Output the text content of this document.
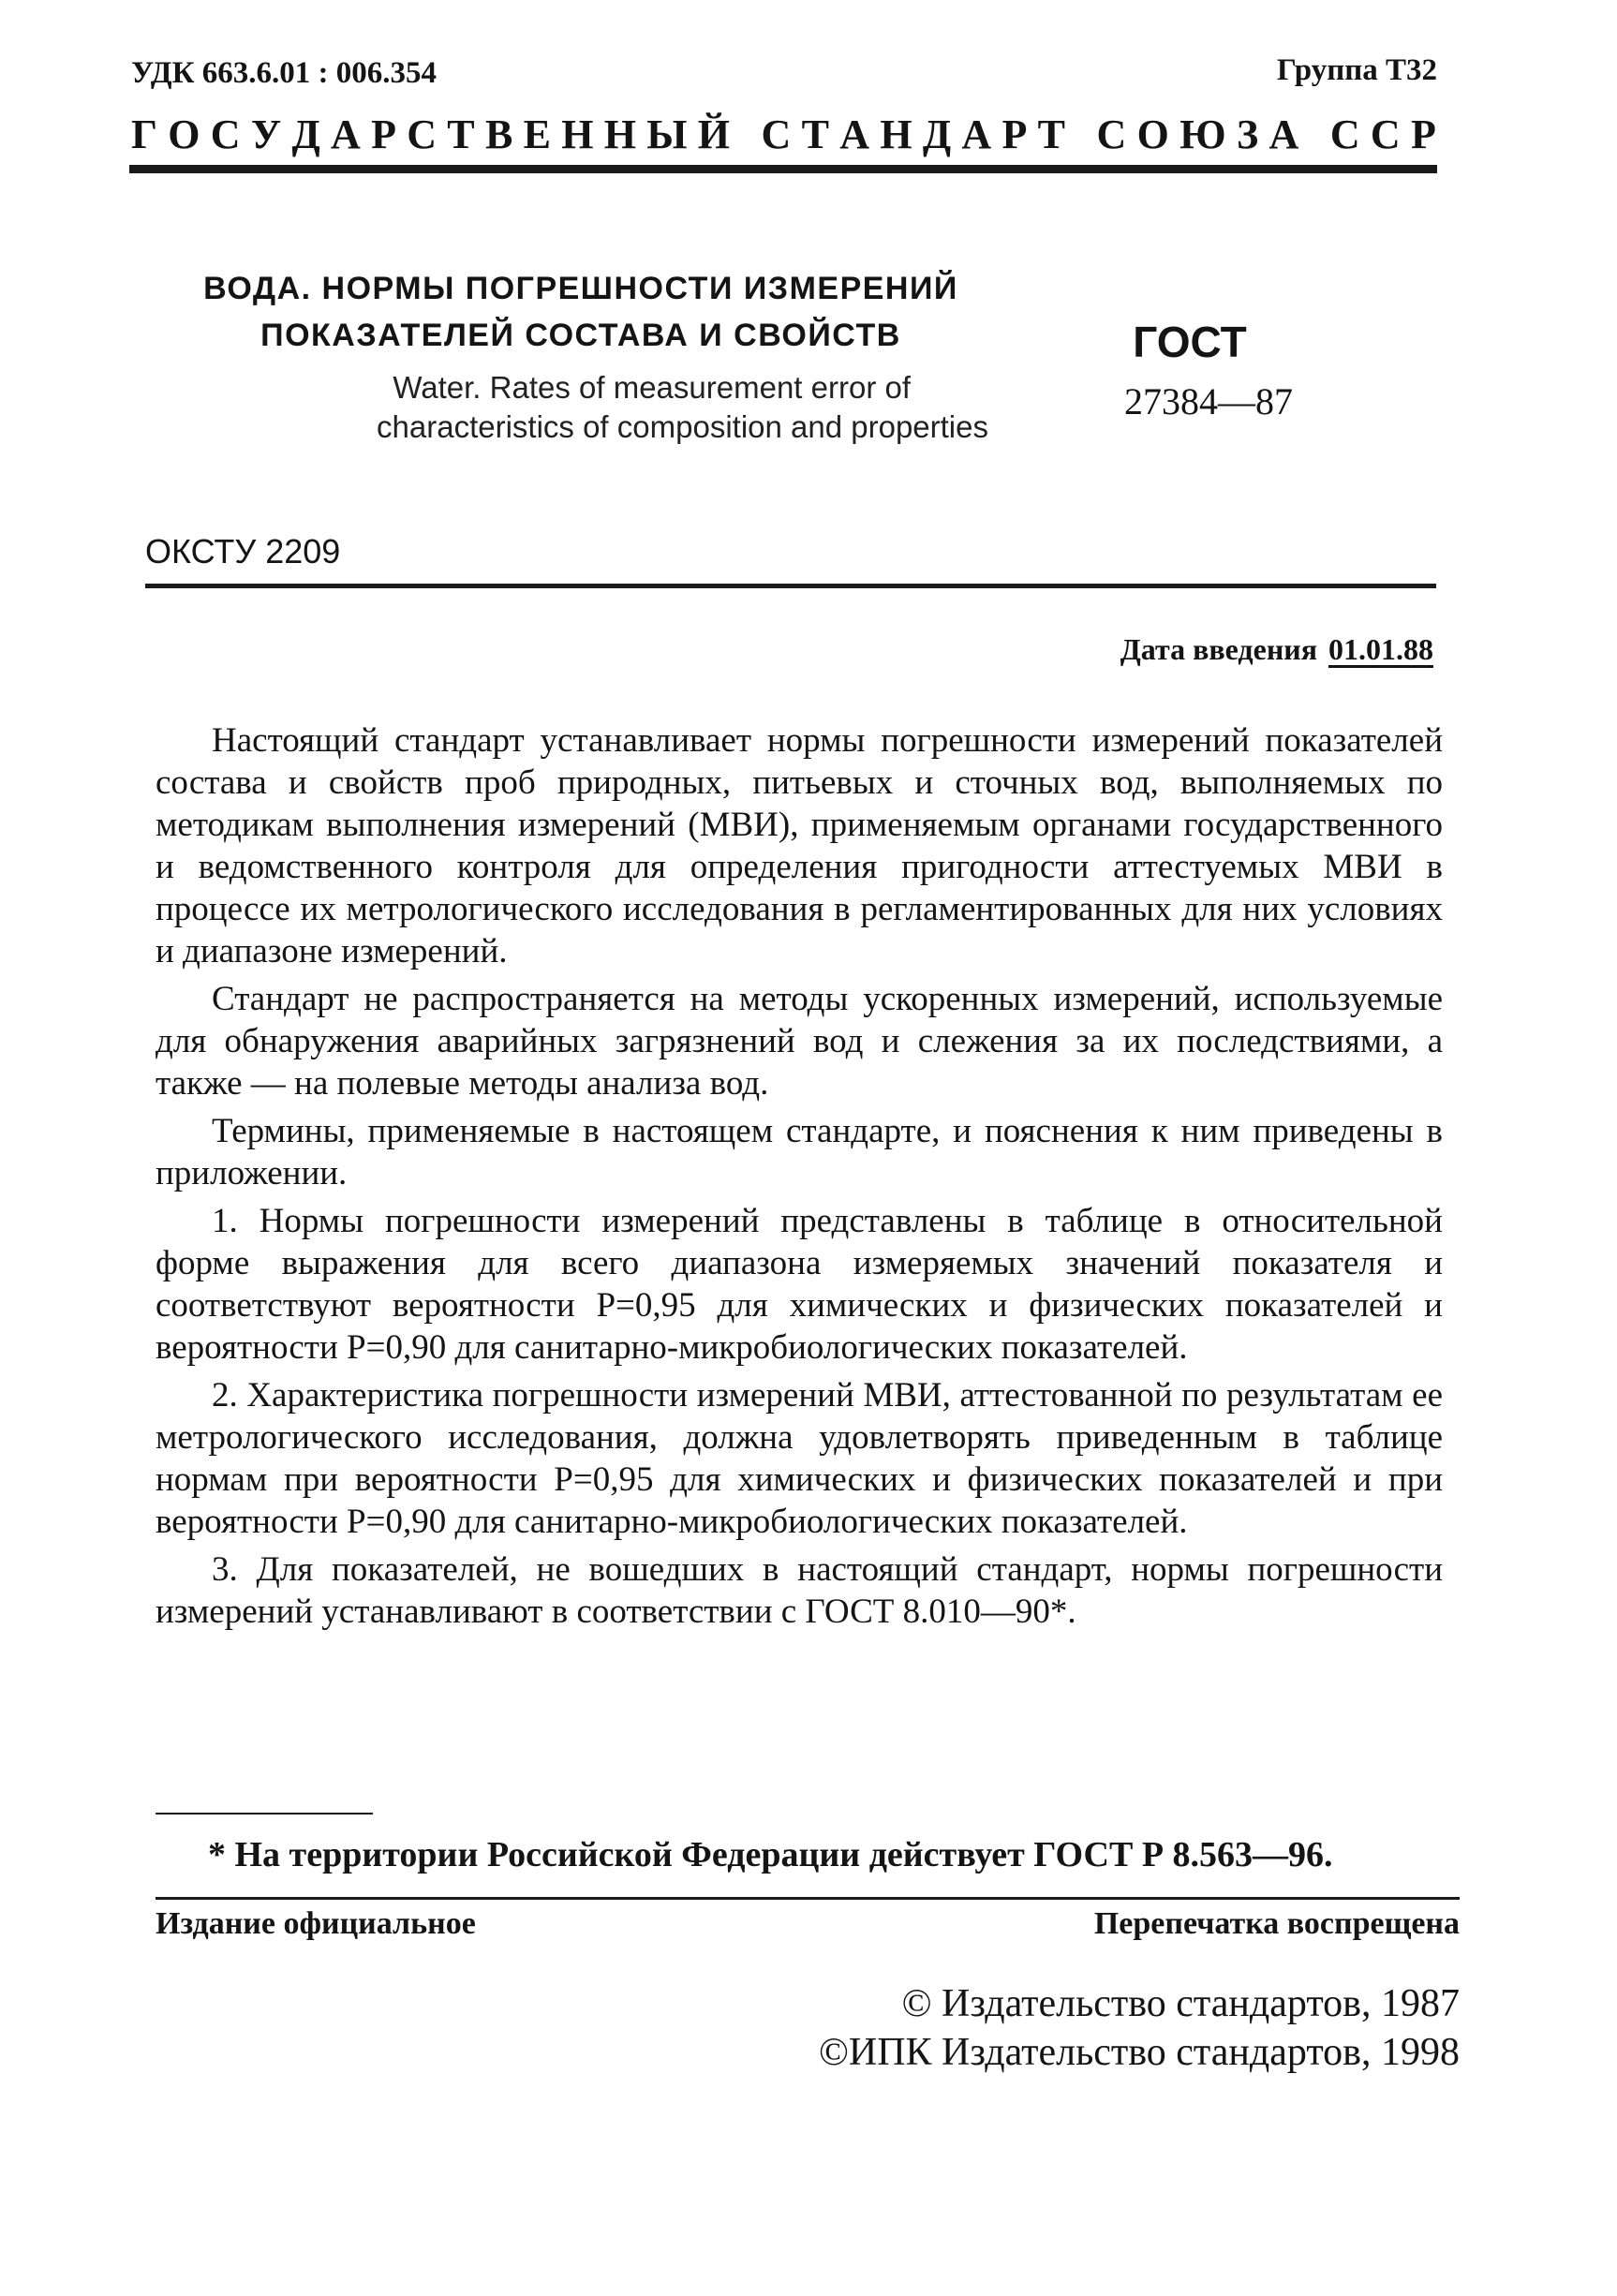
УДК 663.6.01 : 006.354	Группа Т32
Г О С У Д А Р С Т В Е Н Н Ы Й
С Т А Н Д А Р Т
С О Ю З А
С С Р
ВОДА. НОРМЫ ПОГРЕШНОСТИ ИЗМЕРЕНИЙ
ПОКАЗАТЕЛЕЙ СОСТАВА И СВОЙСТВ
Water. Rates of measurement error of
characteristics of composition and properties
ГОСТ
27384—87
ОКСТУ 2209
Дата введения 01.01.88

Настоящий стандарт устанавливает нормы погрешности измерений показателей состава и свойств проб природных, питьевых и сточных вод, выполняемых по методикам выполнения измерений (МВИ), применяемым органами государственного и ведомственного контроля для определения пригодности аттестуемых МВИ в процессе их метрологического исследования в регламентированных для них условиях и диапазоне измерений.

Стандарт не распространяется на методы ускоренных измерений, используемые для обнаружения аварийных загрязнений вод и слежения за их последствиями, а также — на полевые методы анализа вод.

Термины, применяемые в настоящем стандарте, и пояснения к ним приведены в приложении.

1. Нормы погрешности измерений представлены в таблице в относительной форме выражения для всего диапазона измеряемых значений показателя и соответствуют вероятности P=0,95 для химических и физических показателей и вероятности P=0,90 для санитарно-микробиологических показателей.

2. Характеристика погрешности измерений МВИ, аттестованной по результатам ее метрологического исследования, должна удовлетворять приведенным в таблице нормам при вероятности P=0,95 для химических и физических показателей и при вероятности P=0,90 для санитарно-микробиологических показателей.

3. Для показателей, не вошедших в настоящий стандарт, нормы погрешности измерений устанавливают в соответствии с ГОСТ 8.010—90*.

* На территории Российской Федерации действует ГОСТ Р 8.563—96.
Издание официальное	Перепечатка воспрещена
© Издательство стандартов, 1987
©ИПК Издательство стандартов, 1998
